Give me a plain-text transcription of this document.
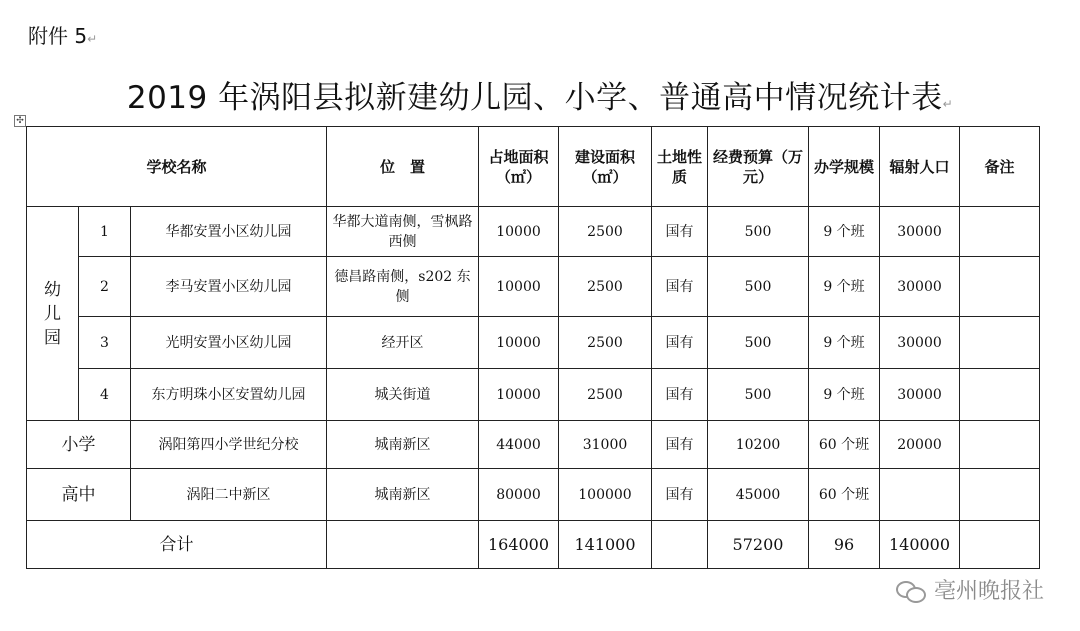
附件 5↵
2019 年涡阳县拟新建幼儿园、小学、普通高中情况统计表↵
✣
学校名称			位　置	占地面积（㎡）	建设面积（㎡）	土地性质	经费预算（万元）	办学规模	辐射人口	备注

幼儿园	1	华都安置小区幼儿园	华都大道南侧，雪枫路西侧	10000	2500	国有	500	9 个班	30000	
	2	李马安置小区幼儿园	德昌路南侧，s202 东侧	10000	2500	国有	500	9 个班	30000	
	3	光明安置小区幼儿园	经开区	10000	2500	国有	500	9 个班	30000	
	4	东方明珠小区安置幼儿园	城关街道	10000	2500	国有	500	9 个班	30000	
小学		涡阳第四小学世纪分校	城南新区	44000	31000	国有	10200	60 个班	20000	
高中		涡阳二中新区	城南新区	80000	100000	国有	45000	60 个班		
合计				164000	141000		57200	96	140000	
亳州晚报社
